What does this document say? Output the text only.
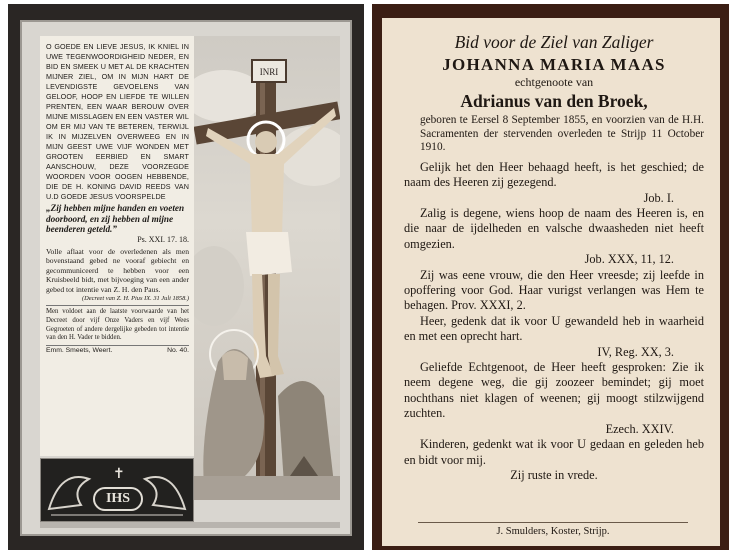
O GOEDE EN LIEVE JESUS, IK KNIEL IN UWE TEGENWOORDIGHEID NEDER, EN BID EN SMEEK U MET AL DE KRACHTEN MIJNER ZIEL, OM IN MIJN HART DE LEVENDIGSTE GEVOELENS VAN GELOOF, HOOP EN LIEFDE TE WILLEN PRENTEN, EEN WAAR BEROUW OVER MIJNE MISSLAGEN EN EEN VASTER WIL OM ER MIJ VAN TE BETEREN, TERWIJL IK IN MIJZELVEN OVERWEEG EN IN MIJN GEEST UWE VIJF WONDEN MET GROOTEN EERBIED EN SMART AANSCHOUW, DEZE VOORZEGDE WOORDEN VOOR OOGEN HEBBENDE, DIE DE H. KONING DAVID REEDS VAN U.D GOEDE JESUS VOORSPELDE

„Zij hebben mijne handen en voeten doorboord, en zij hebben al mijne beenderen geteld.”

Ps. XXI. 17. 18.

Volle aflaat voor de overledenen als men bovenstaand gebed ne vooraf gebiecht en gecommuniceerd te hebben voor een Kruisbeeld bidt, met bijvoeging van een ander gebed tot intentie van Z. H. den Paus.

(Decreet van Z. H. Pius IX. 31 Juli 1858.)

Men voldoet aan de laatste voorwaarde van het Decreet door vijf Onze Vaders en vijf Wees Gegroeten of andere dergelijke gebeden tot intentie van den H. Vader te bidden.

Emm. Smeets, Weert.	No. 40.
INRI
✝
IHS

Bid voor de Ziel van Zaliger

JOHANNA MARIA MAAS

echtgenoote van

Adrianus van den Broek,

geboren te Eersel 8 September 1855, en voorzien van de H.H. Sacramenten der stervenden overleden te Strijp 11 October 1910.

Gelijk het den Heer behaagd heeft, is het geschied; de naam des Heeren zij gezegend.

Job. I.

Zalig is degene, wiens hoop de naam des Heeren is, en die naar de ijdelheden en valsche dwaasheden niet heeft omgezien.

Job. XXX, 11, 12.

Zij was eene vrouw, die den Heer vreesde; zij leefde in opoffering voor God. Haar vurigst verlangen was Hem te behagen. Prov. XXXI, 2.

Heer, gedenk dat ik voor U gewandeld heb in waarheid en met een oprecht hart.

IV, Reg. XX, 3.

Geliefde Echtgenoot, de Heer heeft gesproken: Zie ik neem degene weg, die gij zoozeer bemindet; gij moet nochthans niet klagen of weenen; gij moogt stilzwijgend zuchten.

Ezech. XXIV.

Kinderen, gedenkt wat ik voor U gedaan en geleden heb en bidt voor mij.

Zij ruste in vrede.

J. Smulders, Koster, Strijp.
